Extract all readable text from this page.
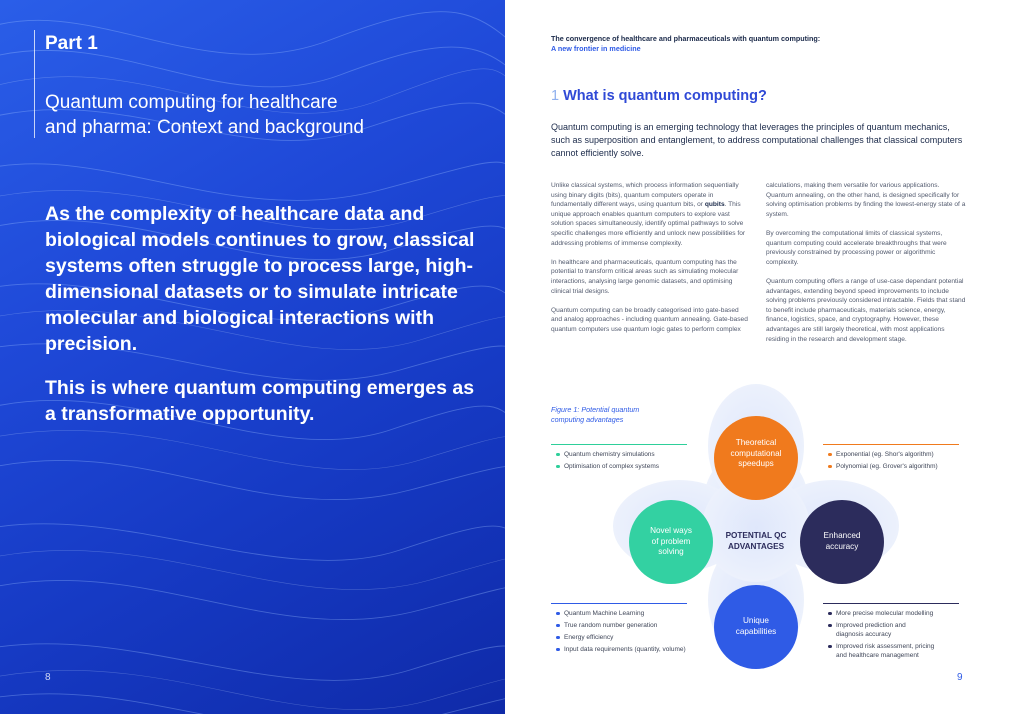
Part 1
Quantum computing for healthcare
and pharma: Context and background
As the complexity of healthcare data and biological models continues to grow, classical systems often struggle to process large, high-dimensional datasets or to simulate intricate molecular and biological interactions with precision.
This is where quantum computing emerges as a transformative opportunity.
8
The convergence of healthcare and pharmaceuticals with quantum computing:
A new frontier in medicine
1 What is quantum computing?
Quantum computing is an emerging technology that leverages the principles of quantum mechanics, such as superposition and entanglement, to address computational challenges that classical computers cannot efficiently solve.

Unlike classical systems, which process information sequentially using binary digits (bits), quantum computers operate in fundamentally different ways, using quantum bits, or qubits. This unique approach enables quantum computers to explore vast solution spaces simultaneously, identify optimal pathways to solve specific challenges more efficiently and unlock new possibilities for addressing problems of immense complexity.

In healthcare and pharmaceuticals, quantum computing has the potential to transform critical areas such as simulating molecular interactions, analysing large genomic datasets, and optimising clinical trial designs.

Quantum computing can be broadly categorised into gate-based and analog approaches - including quantum annealing. Gate-based quantum computers use quantum logic gates to perform complex

calculations, making them versatile for various applications. Quantum annealing, on the other hand, is designed specifically for solving optimisation problems by finding the lowest-energy state of a system.

By overcoming the computational limits of classical systems, quantum computing could accelerate breakthroughs that were previously constrained by processing power or algorithmic complexity.

Quantum computing offers a range of use-case dependant potential advantages, extending beyond speed improvements to include solving problems previously considered intractable. Fields that stand to benefit include pharmaceuticals, materials science, energy, finance, logistics, space, and cryptography. However, these advantages are still largely theoretical, with most applications residing in the research and development stage.

Figure 1: Potential quantum
computing advantages
Theoretical
computational
speedups
Novel ways
of problem
solving
Enhanced
accuracy
Unique
capabilities
POTENTIAL QC
ADVANTAGES
Quantum chemistry simulations
Optimisation of complex systems
Exponential (eg. Shor's algorithm)
Polynomial (eg. Grover's algorithm)
Quantum Machine Learning
True random number generation
Energy efficiency
Input data requirements (quantity, volume)
More precise molecular modelling
Improved prediction and
diagnosis accuracy
Improved risk assessment, pricing
and healthcare management
9
